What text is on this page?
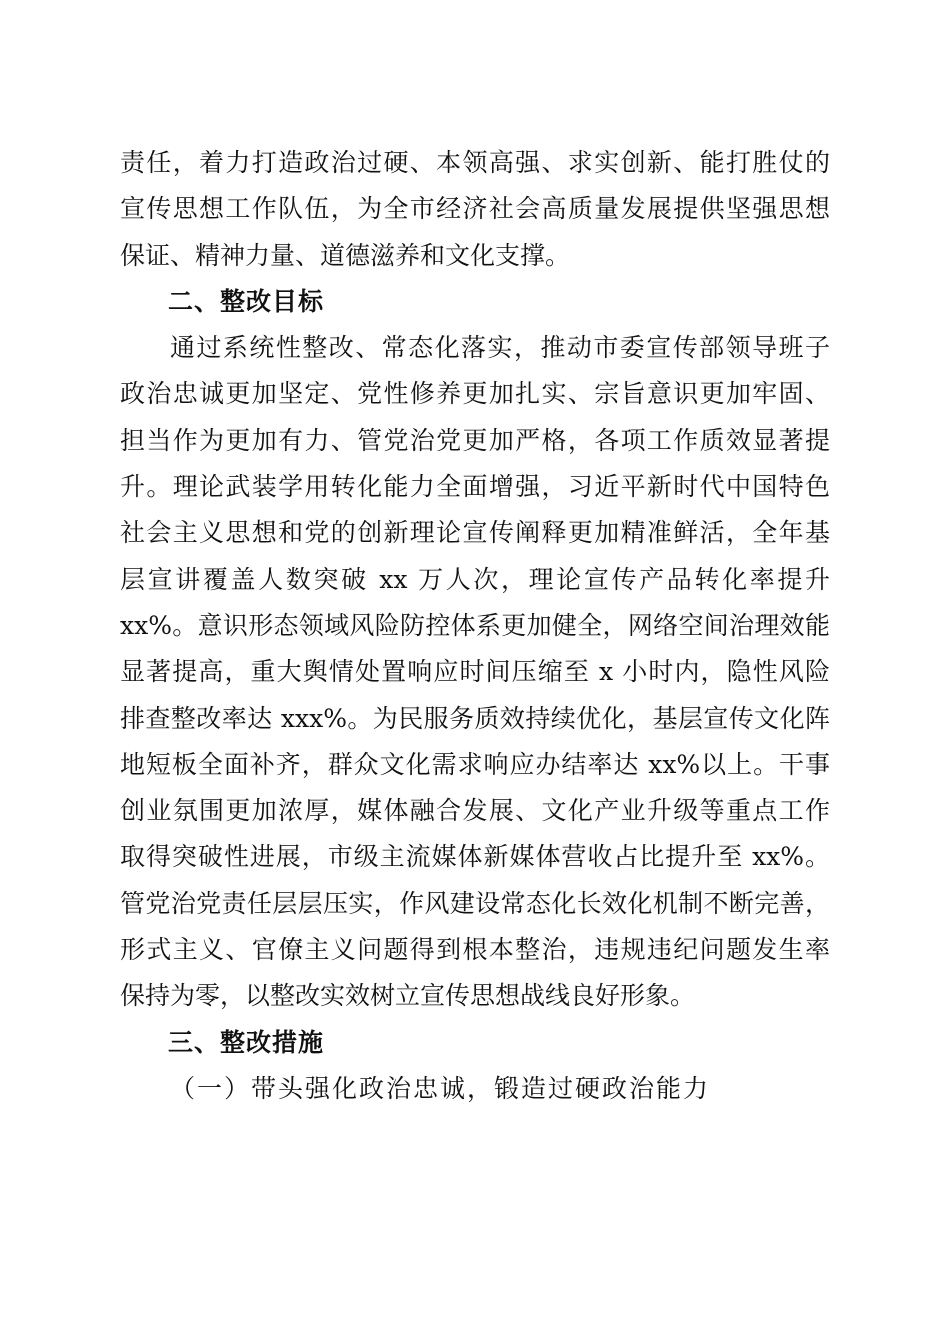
责任，着力打造政治过硬、本领高强、求实创新、能打胜仗的
宣传思想工作队伍，为全市经济社会高质量发展提供坚强思想
保证、精神力量、道德滋养和文化支撑。
二、整改目标
通过系统性整改、常态化落实，推动市委宣传部领导班子
政治忠诚更加坚定、党性修养更加扎实、宗旨意识更加牢固、
担当作为更加有力、管党治党更加严格，各项工作质效显著提
升。理论武装学用转化能力全面增强，习近平新时代中国特色
社会主义思想和党的创新理论宣传阐释更加精准鲜活，全年基
层宣讲覆盖人数突破 xx 万人次，理论宣传产品转化率提升
xx%。意识形态领域风险防控体系更加健全，网络空间治理效能
显著提高，重大舆情处置响应时间压缩至 x 小时内，隐性风险
排查整改率达 xxx%。为民服务质效持续优化，基层宣传文化阵
地短板全面补齐，群众文化需求响应办结率达 xx%以上。干事
创业氛围更加浓厚，媒体融合发展、文化产业升级等重点工作
取得突破性进展，市级主流媒体新媒体营收占比提升至 xx%。
管党治党责任层层压实，作风建设常态化长效化机制不断完善，
形式主义、官僚主义问题得到根本整治，违规违纪问题发生率
保持为零，以整改实效树立宣传思想战线良好形象。
三、整改措施
（一）带头强化政治忠诚，锻造过硬政治能力
